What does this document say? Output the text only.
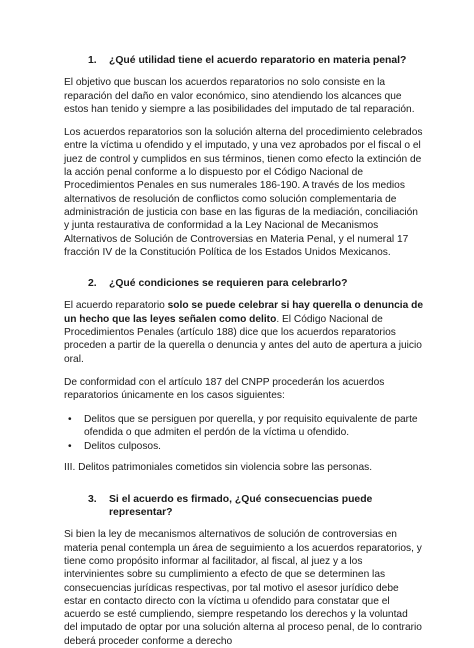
1.	¿Qué utilidad tiene el acuerdo reparatorio en materia penal?

El objetivo que buscan los acuerdos reparatorios no solo consiste en la reparación del daño en valor económico, sino atendiendo los alcances que estos han tenido y siempre a las posibilidades del imputado de tal reparación.

Los acuerdos reparatorios son la solución alterna del procedimiento celebrados entre la víctima u ofendido y el imputado, y una vez aprobados por el fiscal o el juez de control y cumplidos en sus términos, tienen como efecto la extinción de la acción penal conforme a lo dispuesto por el Código Nacional de Procedimientos Penales en sus numerales 186-190. A través de los medios alternativos de resolución de conflictos como solución complementaria de administración de justicia con base en las figuras de la mediación, conciliación y junta restaurativa de conformidad a la Ley Nacional de Mecanismos Alternativos de Solución de Controversias en Materia Penal, y el numeral 17 fracción IV de la Constitución Política de los Estados Unidos Mexicanos.

2.	¿Qué condiciones se requieren para celebrarlo?

El acuerdo reparatorio solo se puede celebrar si hay querella o denuncia de un hecho que las leyes señalen como delito. El Código Nacional de Procedimientos Penales (artículo 188) dice que los acuerdos reparatorios proceden a partir de la querella o denuncia y antes del auto de apertura a juicio oral.

De conformidad con el artículo 187 del CNPP procederán los acuerdos reparatorios únicamente en los casos siguientes:

•	Delitos que se persiguen por querella, y por requisito equivalente de parte ofendida o que admiten el perdón de la víctima u ofendido.
•	Delitos culposos.

III. Delitos patrimoniales cometidos sin violencia sobre las personas.

3.	Si el acuerdo es firmado, ¿Qué consecuencias puede representar?

Si bien la ley de mecanismos alternativos de solución de controversias en materia penal contempla un área de seguimiento a los acuerdos reparatorios, y tiene como propósito informar al facilitador, al fiscal, al juez y a los intervinientes sobre su cumplimiento a efecto de que se determinen las consecuencias jurídicas respectivas, por tal motivo el asesor jurídico debe estar en contacto directo con la víctima u ofendido para constatar que el acuerdo se esté cumpliendo, siempre respetando los derechos y la voluntad del imputado de optar por una solución alterna al proceso penal, de lo contrario deberá proceder conforme a derecho
